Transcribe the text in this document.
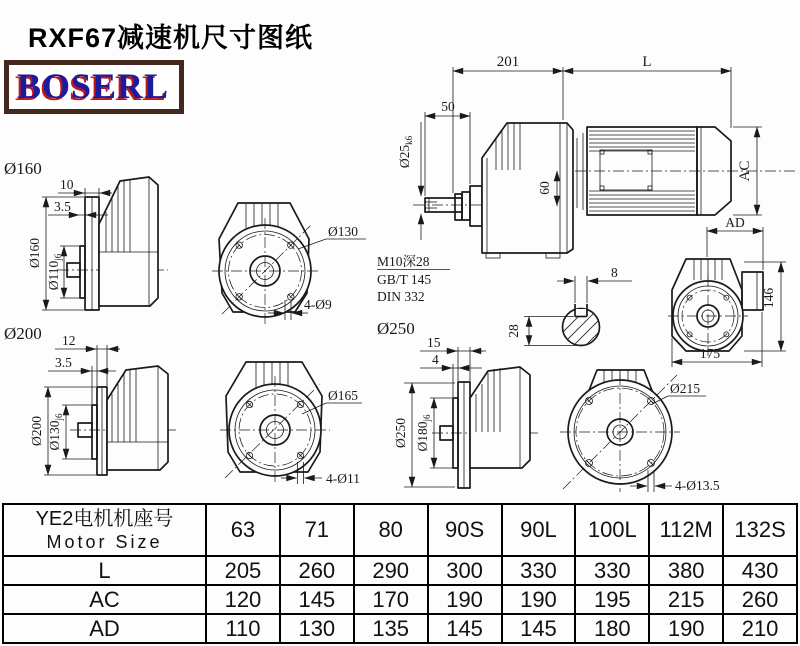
RXF67减速机尺寸图纸
BOSERL
Ø160
10
3.5
Ø160
$Ø110_{j6}$
Ø130
4-Ø9
201	L
50
$Ø25_{k6}$
60
AC
M10深28
GB/T 145
DIN 332
8
28
Ø200 12
3.5
Ø200 $Ø130_{j6}$
Ø165
4-Ø11
Ø250
15
4
Ø250 $Ø180_{j6}$
AD
146
175
Ø215
4-Ø13.5
YE2电机机座号
Motor Size	63	71	80	90S	90L	100L	112M	132S
L	205	260	290	300	330	330	380	430
AC	120	145	170	190	190	195	215	260
AD	110	130	135	145	145	180	190	210
